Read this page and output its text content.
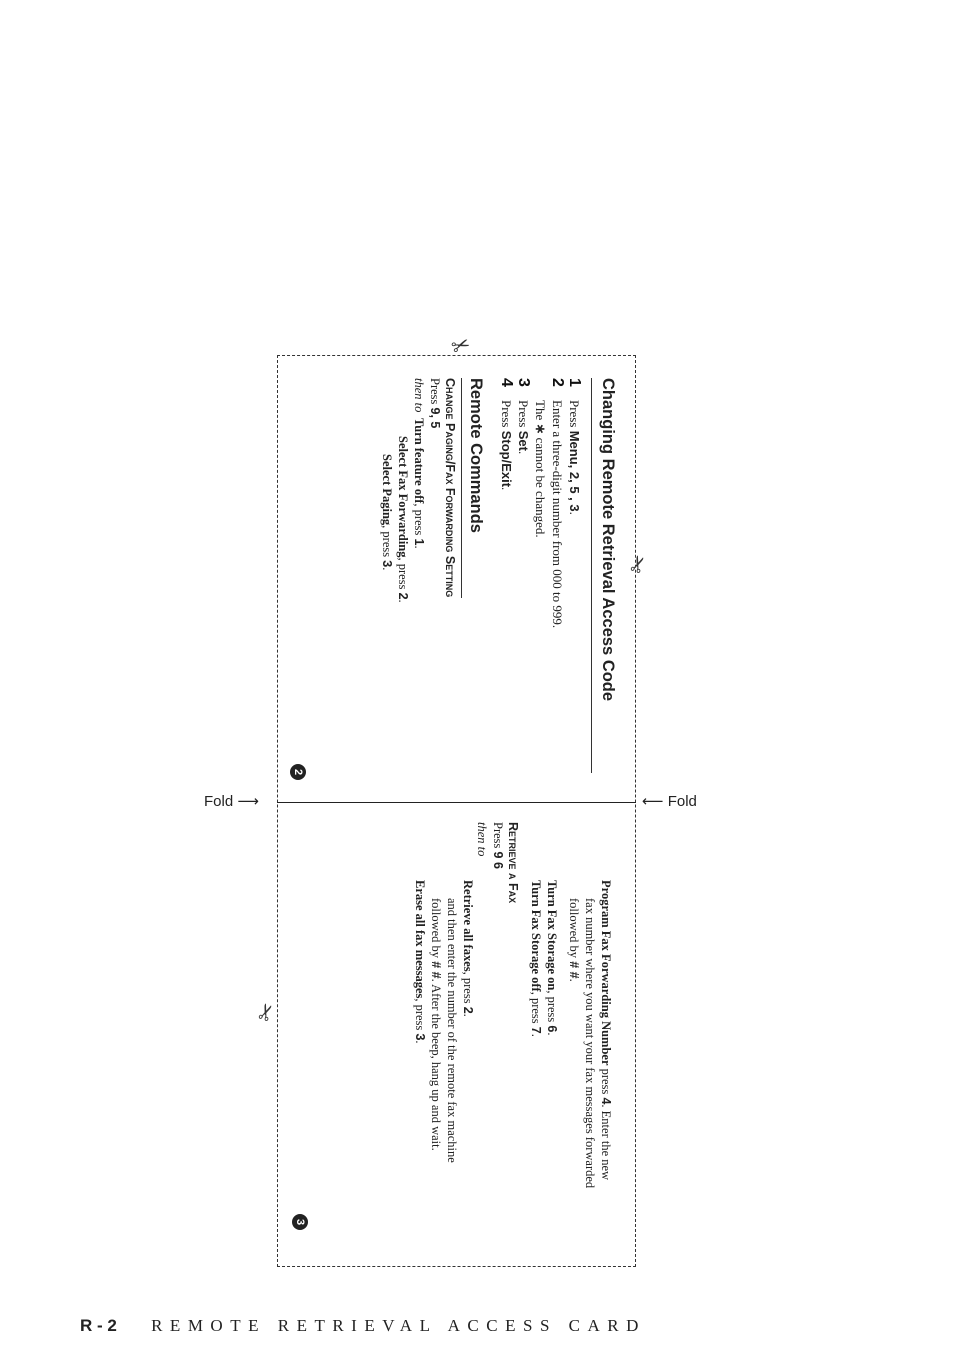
✂
✂
✂
Fold ⟶	⟵ Fold
Changing Remote Retrieval Access Code
1
Press Menu, 2, 5 , 3.
2
Enter a three-digit number from 000 to 999.
The ∗ cannot be changed.
3
Press Set.
4
Press Stop/Exit.
Remote Commands
Change Paging/Fax Forwarding Setting
Press 9, 5
then to
Turn feature off, press 1.
Select Fax Forwarding, press 2.
Select Paging, press 3.
2
Program Fax Forwarding Number press 4. Enter the new
fax number where you want your fax messages forwarded
followed by # #.
Turn Fax Storage on, press 6.
Turn Fax Storage off, press 7.
Retrieve a Fax
Press 9 6
then to
Retrieve all faxes, press 2.
and then enter the number of the remote fax machine
followed by # #. After the beep, hang up and wait.
Erase all fax messages, press 3.
3
R - 2 REMOTE RETRIEVAL ACCESS CARD
